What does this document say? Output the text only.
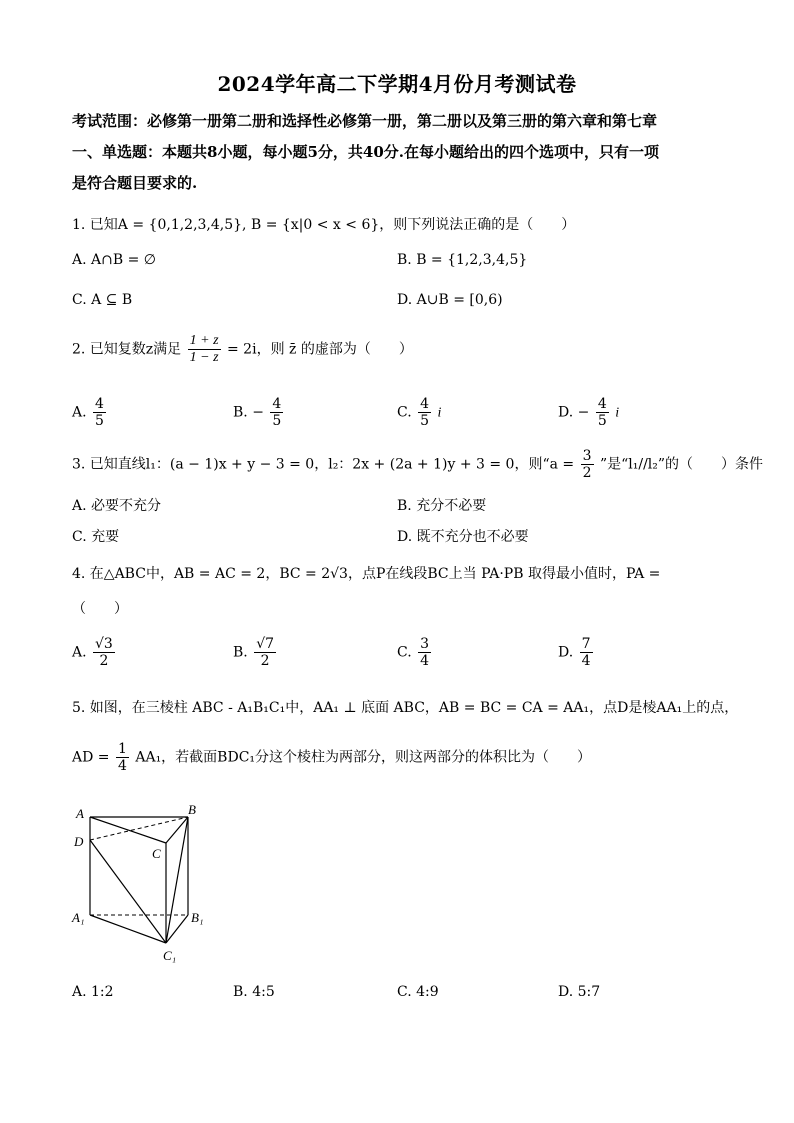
2024学年高二下学期4月份月考测试卷
考试范围：必修第一册第二册和选择性必修第一册，第二册以及第三册的第六章和第七章
一、单选题：本题共8小题，每小题5分，共40分.在每小题给出的四个选项中，只有一项
是符合题目要求的.
1. 已知A = {0,1,2,3,4,5}, B = {x|0 < x < 6}，则下列说法正确的是（　　）
A. A∩B = ∅	B. B = {1,2,3,4,5}
C. A ⊆ B	D. A∪B = [0,6)
2. 已知复数z满足 $\frac{1 + z}{1 - z} = 2i$，则 z̄ 的虚部为（　　）
A. $\frac{4}{5}$	B. − $\frac{4}{5}$	C. $\frac{4}{5}$ i	D. − $\frac{4}{5}$ i
3. 已知直线l₁：(a − 1)x + y − 3 = 0，l₂：2x + (2a + 1)y + 3 = 0，则“$a = \frac{3}{2}$ ”是“l₁//l₂”的（　　）条件
A. 必要不充分	B. 充分不必要
C. 充要	D. 既不充分也不必要
4. 在△ABC中，AB = AC = 2，BC = 2√3，点P在线段BC上当 PA·PB 取得最小值时，PA =
（　　）
A. $\frac{√3}{2}$	B. $\frac{√7}{2}$	C. $\frac{3}{4}$	D. $\frac{7}{4}$
5. 如图，在三棱柱 ABC - A₁B₁C₁中，AA₁ ⊥ 底面 ABC，AB = BC = CA = AA₁，点D是棱AA₁上的点，
AD = $\frac{1}{4} AA_1$，若截面BDC₁分这个棱柱为两部分，则这两部分的体积比为（　　）
A	B
C
D
A₁	B₁
C₁
A. 1:2	B. 4:5	C. 4:9	D. 5:7
